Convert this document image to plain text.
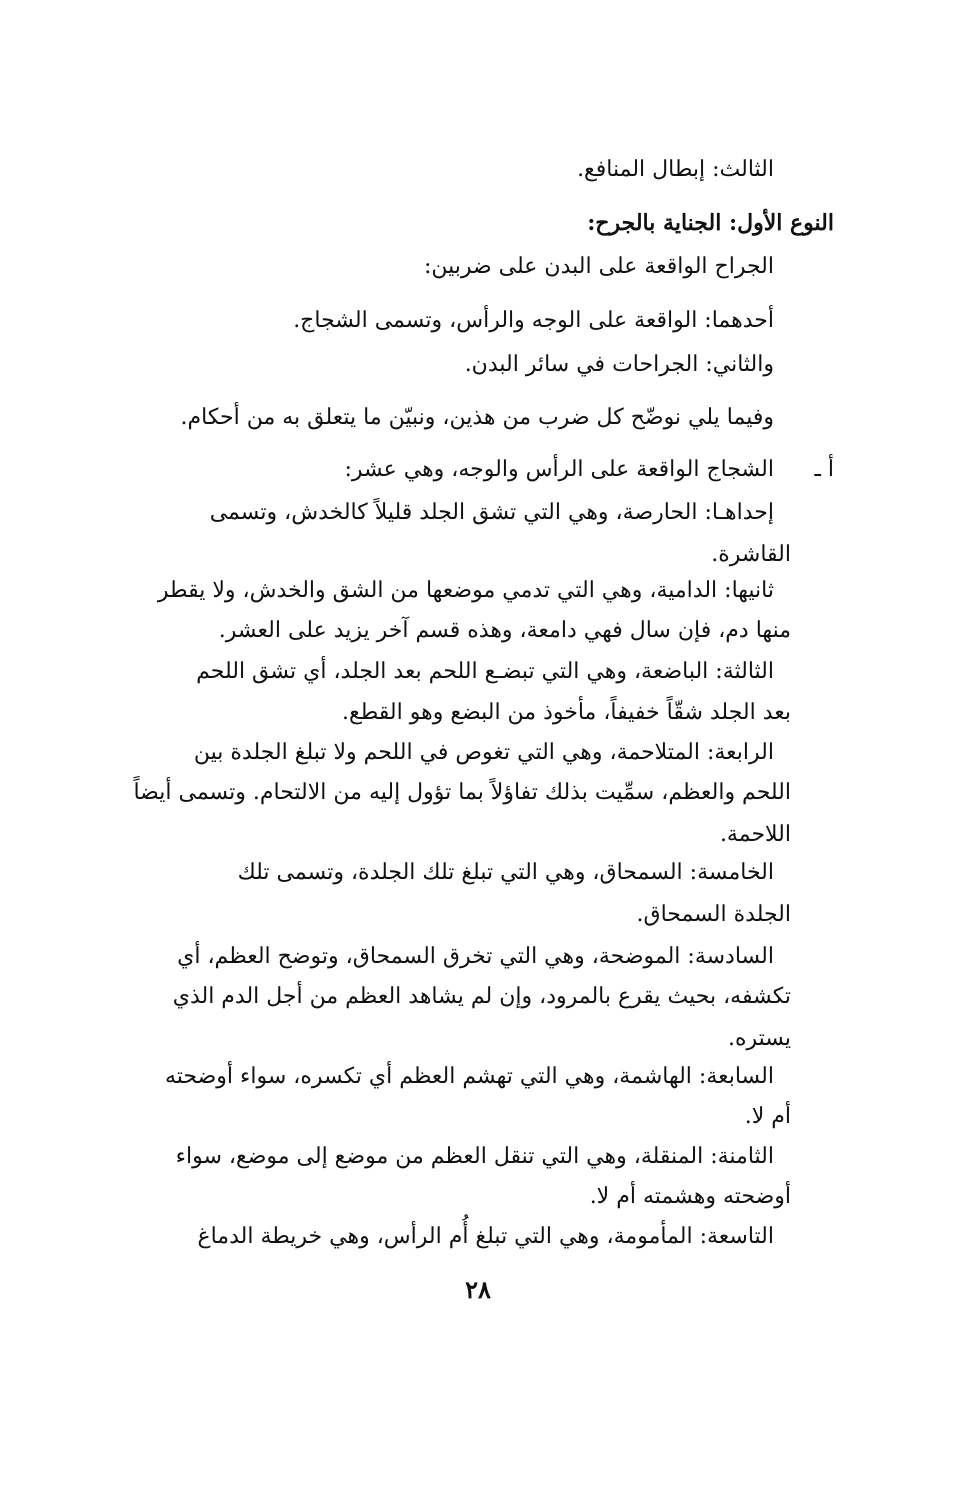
الثالث: إبطال المنافع.
النوع الأول: الجناية بالجرح:
الجراح الواقعة على البدن على ضربين:
أحدهما: الواقعة على الوجه والرأس، وتسمى الشجاج.
والثاني: الجراحات في سائر البدن.
وفيما يلي نوضّح كل ضرب من هذين، ونبيّن ما يتعلق به من أحكام.
أ ـ
الشجاج الواقعة على الرأس والوجه، وهي عشر:
إحداهـا: الحارصة، وهي التي تشق الجلد قليلاً كالخدش، وتسمى
القاشرة.
ثانيها: الدامية، وهي التي تدمي موضعها من الشق والخدش، ولا يقطر
منها دم، فإن سال فهي دامعة، وهذه قسم آخر يزيد على العشر.
الثالثة: الباضعة، وهي التي تبضـع اللحم بعد الجلد، أي تشق اللحم
بعد الجلد شقّاً خفيفاً، مأخوذ من البضع وهو القطع.
الرابعة: المتلاحمة، وهي التي تغوص في اللحم ولا تبلغ الجلدة بين
اللحم والعظم، سمِّيت بذلك تفاؤلاً بما تؤول إليه من الالتحام. وتسمى أيضاً
اللاحمة.
الخامسة: السمحاق، وهي التي تبلغ تلك الجلدة، وتسمى تلك
الجلدة السمحاق.
السادسة: الموضحة، وهي التي تخرق السمحاق، وتوضح العظم، أي
تكشفه، بحيث يقرع بالمرود، وإن لم يشاهد العظم من أجل الدم الذي
يستره.
السابعة: الهاشمة، وهي التي تهشم العظم أي تكسره، سواء أوضحته
أم لا.
الثامنة: المنقلة، وهي التي تنقل العظم من موضع إلى موضع، سواء
أوضحته وهشمته أم لا.
التاسعة: المأمومة، وهي التي تبلغ أُم الرأس، وهي خريطة الدماغ
٢٨
